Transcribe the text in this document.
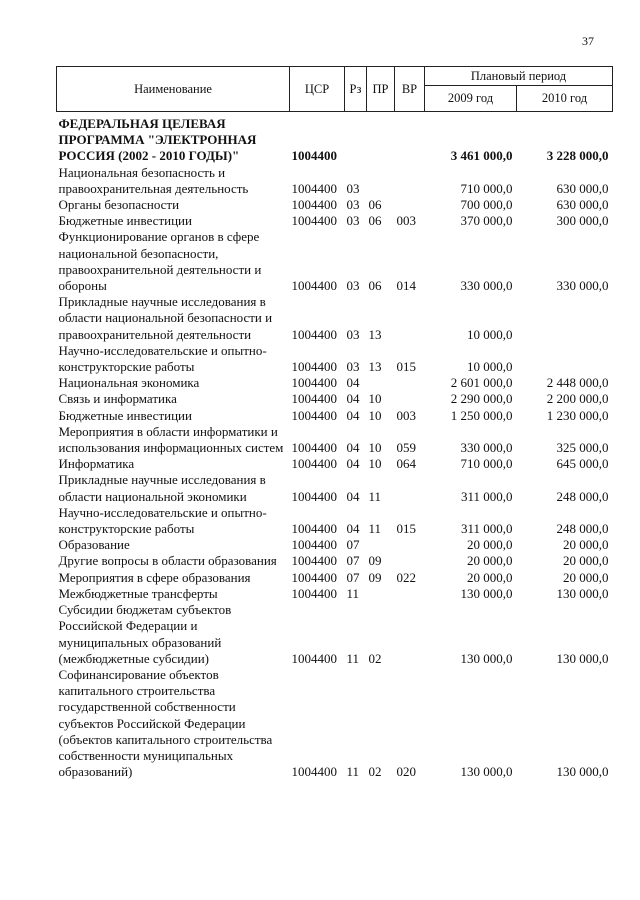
37
Наименование	ЦСР	Рз	ПР	ВР	Плановый период	
					2009 год	2010 год
ФЕДЕРАЛЬНАЯ ЦЕЛЕВАЯ ПРОГРАММА "ЭЛЕКТРОННАЯ РОССИЯ (2002 - 2010 ГОДЫ)"	1004400				3 461 000,0	3 228 000,0
Национальная безопасность и правоохранительная деятельность	1004400	03			710 000,0	630 000,0
Органы безопасности	1004400	03	06		700 000,0	630 000,0
Бюджетные инвестиции	1004400	03	06	003	370 000,0	300 000,0
Функционирование органов в сфере национальной безопасности, правоохранительной деятельности и обороны	1004400	03	06	014	330 000,0	330 000,0
Прикладные научные исследования в области национальной безопасности и правоохранительной деятельности	1004400	03	13		10 000,0	
Научно-исследовательские и опытно-конструкторские работы	1004400	03	13	015	10 000,0	
Национальная экономика	1004400	04			2 601 000,0	2 448 000,0
Связь и информатика	1004400	04	10		2 290 000,0	2 200 000,0
Бюджетные инвестиции	1004400	04	10	003	1 250 000,0	1 230 000,0
Мероприятия в области информатики и использования информационных систем	1004400	04	10	059	330 000,0	325 000,0
Информатика	1004400	04	10	064	710 000,0	645 000,0
Прикладные научные исследования в области национальной экономики	1004400	04	11		311 000,0	248 000,0
Научно-исследовательские и опытно-конструкторские работы	1004400	04	11	015	311 000,0	248 000,0
Образование	1004400	07			20 000,0	20 000,0
Другие вопросы в области образования	1004400	07	09		20 000,0	20 000,0
Мероприятия в сфере образования	1004400	07	09	022	20 000,0	20 000,0
Межбюджетные трансферты	1004400	11			130 000,0	130 000,0
Субсидии бюджетам субъектов Российской Федерации и муниципальных образований (межбюджетные субсидии)	1004400	11	02		130 000,0	130 000,0
Софинансирование объектов капитального строительства государственной собственности субъектов Российской Федерации (объектов капитального строительства собственности муниципальных образований)	1004400	11	02	020	130 000,0	130 000,0
